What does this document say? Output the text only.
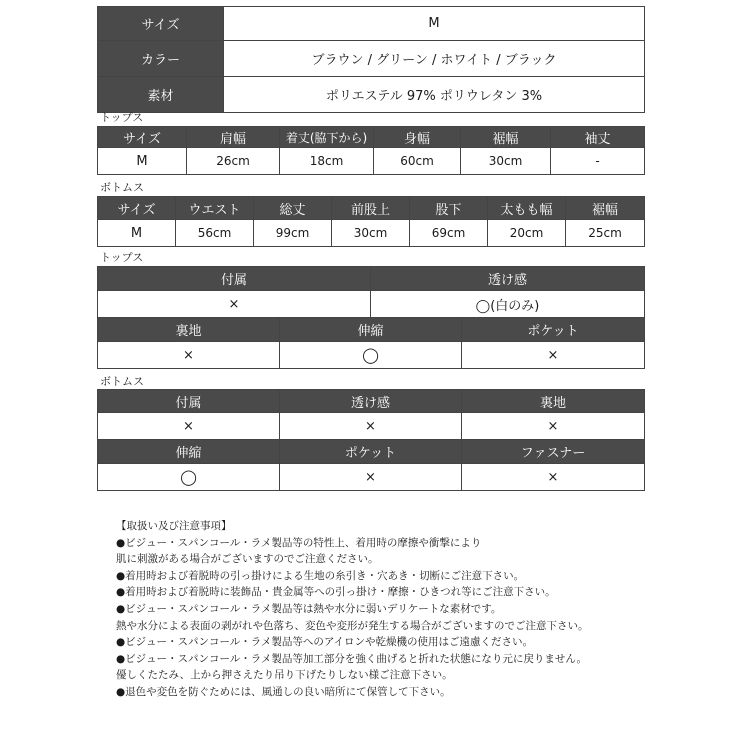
サイズ	M
カラー	ブラウン / グリーン / ホワイト / ブラック
素材	ポリエステル 97% ポリウレタン 3%
トップス
サイズ	肩幅	着丈(脇下から)	身幅	裾幅	袖丈
M	26cm	18cm	60cm	30cm	-
ボトムス
サイズ	ウエスト	総丈	前股上	股下	太もも幅	裾幅
M	56cm	99cm	30cm	69cm	20cm	25cm
トップス
付属	透け感
×	◯(白のみ)
裏地	伸縮	ポケット
×	◯	×
ボトムス
付属	透け感	裏地
×	×	×
伸縮	ポケット	ファスナー
◯	×	×
【取扱い及び注意事項】
●ビジュー・スパンコール・ラメ製品等の特性上、着用時の摩擦や衝撃により
肌に刺激がある場合がございますのでご注意ください。
●着用時および着脱時の引っ掛けによる生地の糸引き・穴あき・切断にご注意下さい。
●着用時および着脱時に装飾品・貴金属等への引っ掛け・摩擦・ひきつれ等にご注意下さい。
●ビジュー・スパンコール・ラメ製品等は熱や水分に弱いデリケートな素材です。
熱や水分による表面の剥がれや色落ち、変色や変形が発生する場合がございますのでご注意下さい。
●ビジュー・スパンコール・ラメ製品等へのアイロンや乾燥機の使用はご遠慮ください。
●ビジュー・スパンコール・ラメ製品等加工部分を強く曲げると折れた状態になり元に戻りません。
優しくたたみ、上から押さえたり吊り下げたりしない様ご注意下さい。
●退色や変色を防ぐためには、風通しの良い暗所にて保管して下さい。
